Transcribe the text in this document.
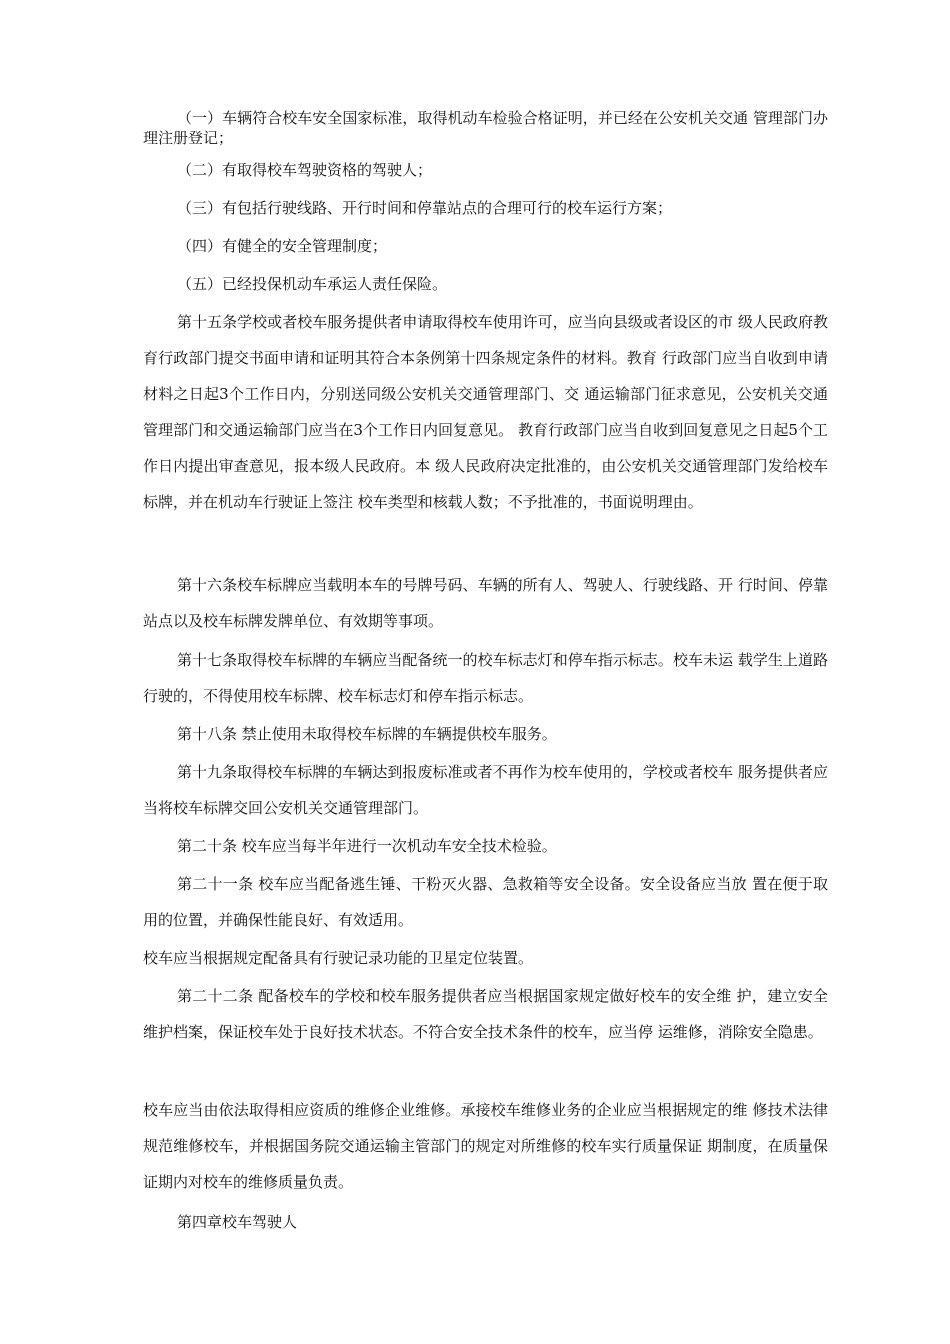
（一）车辆符合校车安全国家标准，取得机动车检验合格证明，并已经在公安机关交通 管理部门办理注册登记；

（二）有取得校车驾驶资格的驾驶人；

（三）有包括行驶线路、开行时间和停靠站点的合理可行的校车运行方案；

（四）有健全的安全管理制度；

（五）已经投保机动车承运人责任保险。

第十五条学校或者校车服务提供者申请取得校车使用许可，应当向县级或者设区的市 级人民政府教育行政部门提交书面申请和证明其符合本条例第十四条规定条件的材料。教育 行政部门应当自收到申请材料之日起3个工作日内，分别送同级公安机关交通管理部门、交 通运输部门征求意见，公安机关交通管理部门和交通运输部门应当在3个工作日内回复意见。 教育行政部门应当自收到回复意见之日起5个工作日内提出审查意见，报本级人民政府。本 级人民政府决定批准的，由公安机关交通管理部门发给校车标牌，并在机动车行驶证上签注 校车类型和核载人数；不予批准的，书面说明理由。

第十六条校车标牌应当载明本车的号牌号码、车辆的所有人、驾驶人、行驶线路、开 行时间、停靠站点以及校车标牌发牌单位、有效期等事项。

第十七条取得校车标牌的车辆应当配备统一的校车标志灯和停车指示标志。校车未运 载学生上道路行驶的，不得使用校车标牌、校车标志灯和停车指示标志。

第十八条 禁止使用未取得校车标牌的车辆提供校车服务。

第十九条取得校车标牌的车辆达到报废标准或者不再作为校车使用的，学校或者校车 服务提供者应当将校车标牌交回公安机关交通管理部门。

第二十条 校车应当每半年进行一次机动车安全技术检验。

第二十一条 校车应当配备逃生锤、干粉灭火器、急救箱等安全设备。安全设备应当放 置在便于取用的位置，并确保性能良好、有效适用。

校车应当根据规定配备具有行驶记录功能的卫星定位装置。

第二十二条 配备校车的学校和校车服务提供者应当根据国家规定做好校车的安全维 护，建立安全维护档案，保证校车处于良好技术状态。不符合安全技术条件的校车，应当停 运维修，消除安全隐患。

校车应当由依法取得相应资质的维修企业维修。承接校车维修业务的企业应当根据规定的维 修技术法律规范维修校车，并根据国务院交通运输主管部门的规定对所维修的校车实行质量保证 期制度，在质量保证期内对校车的维修质量负责。

第四章校车驾驶人
